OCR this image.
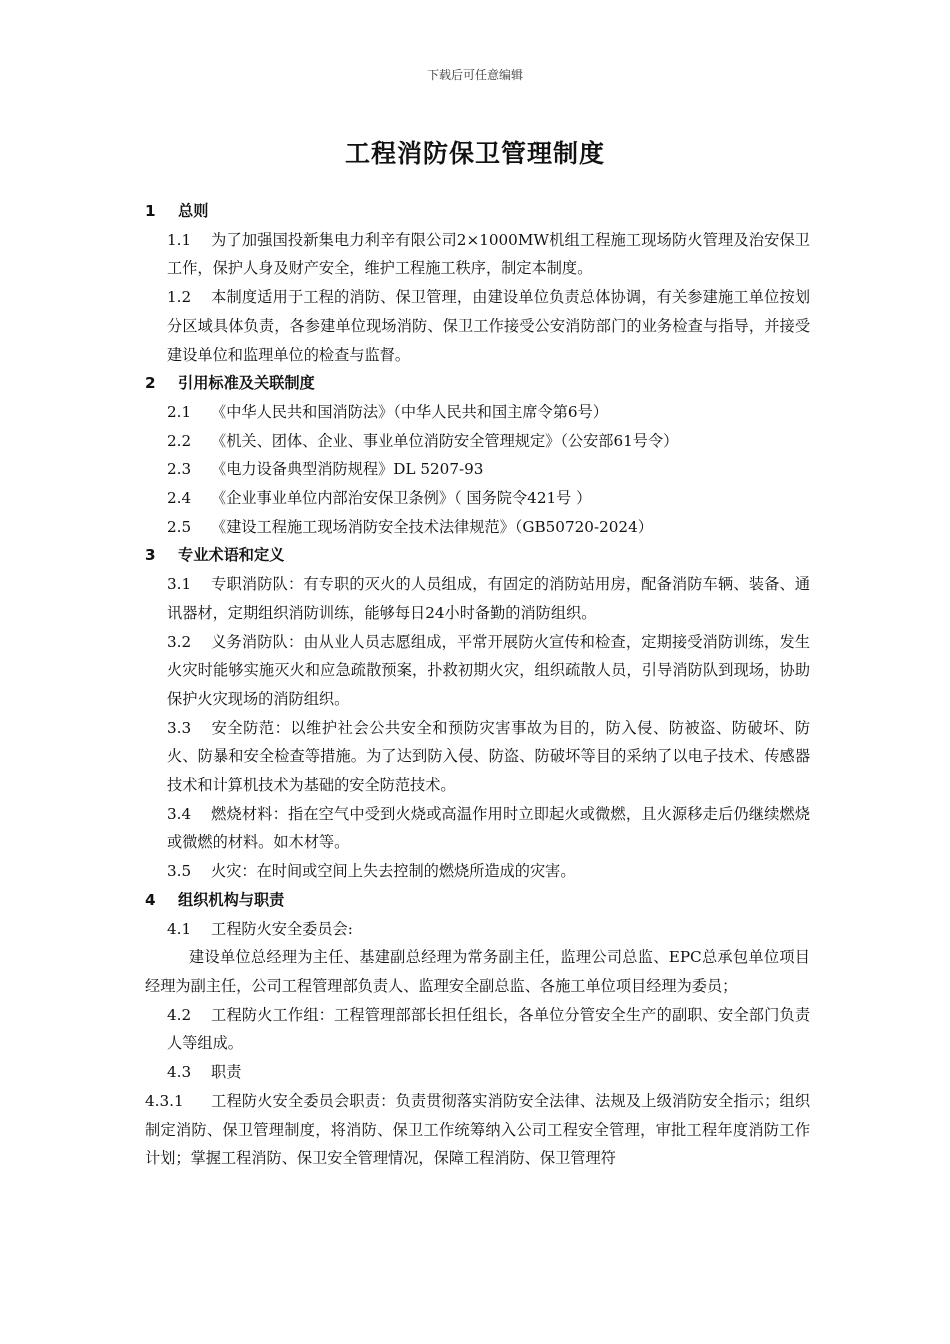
下载后可任意编辑
工程消防保卫管理制度
1 总则
1.1 为了加强国投新集电力利辛有限公司2×1000MW机组工程施工现场防火管理及治安保卫工作，保护人身及财产安全，维护工程施工秩序，制定本制度。
1.2 本制度适用于工程的消防、保卫管理，由建设单位负责总体协调，有关参建施工单位按划分区域具体负责，各参建单位现场消防、保卫工作接受公安消防部门的业务检查与指导，并接受建设单位和监理单位的检查与监督。
2 引用标准及关联制度
2.1 《中华人民共和国消防法》（中华人民共和国主席令第6号）
2.2 《机关、团体、企业、事业单位消防安全管理规定》（公安部61号令）
2.3 《电力设备典型消防规程》DL 5207-93
2.4 《企业事业单位内部治安保卫条例》（ 国务院令421号 ）
2.5 《建设工程施工现场消防安全技术法律规范》（GB50720-2024）
3 专业术语和定义
3.1 专职消防队：有专职的灭火的人员组成，有固定的消防站用房，配备消防车辆、装备、通讯器材，定期组织消防训练，能够每日24小时备勤的消防组织。
3.2 义务消防队：由从业人员志愿组成，平常开展防火宣传和检查，定期接受消防训练，发生火灾时能够实施灭火和应急疏散预案，扑救初期火灾，组织疏散人员，引导消防队到现场，协助保护火灾现场的消防组织。
3.3 安全防范：以维护社会公共安全和预防灾害事故为目的，防入侵、防被盗、防破坏、防火、防暴和安全检查等措施。为了达到防入侵、防盗、防破坏等目的采纳了以电子技术、传感器技术和计算机技术为基础的安全防范技术。
3.4 燃烧材料：指在空气中受到火烧或高温作用时立即起火或微燃，且火源移走后仍继续燃烧或微燃的材料。如木材等。
3.5 火灾：在时间或空间上失去控制的燃烧所造成的灾害。
4 组织机构与职责
4.1 工程防火安全委员会:
建设单位总经理为主任、基建副总经理为常务副主任，监理公司总监、EPC总承包单位项目经理为副主任，公司工程管理部负责人、监理安全副总监、各施工单位项目经理为委员；
4.2 工程防火工作组：工程管理部部长担任组长，各单位分管安全生产的副职、安全部门负责人等组成。
4.3 职责
4.3.1 工程防火安全委员会职责：负责贯彻落实消防安全法律、法规及上级消防安全指示；组织制定消防、保卫管理制度，将消防、保卫工作统筹纳入公司工程安全管理，审批工程年度消防工作计划；掌握工程消防、保卫安全管理情况，保障工程消防、保卫管理符
